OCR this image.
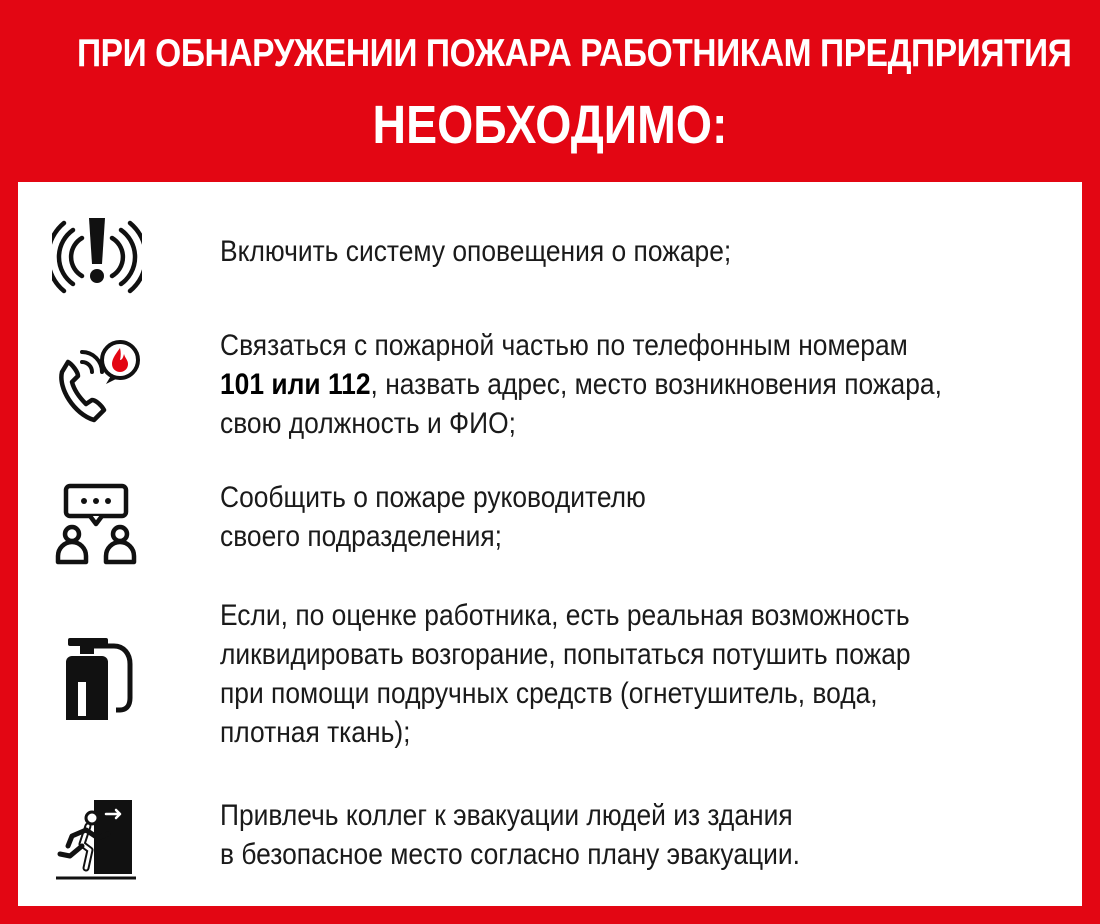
ПРИ ОБНАРУЖЕНИИ ПОЖАРА РАБОТНИКАМ ПРЕДПРИЯТИЯ
НЕОБХОДИМО:
Включить систему оповещения о пожаре;
Связаться с пожарной частью по телефонным номерам
101 или 112, назвать адрес, место возникновения пожара,
свою должность и ФИО;
Сообщить о пожаре руководителю
своего подразделения;
Если, по оценке работника, есть реальная возможность
ликвидировать возгорание, попытаться потушить пожар
при помощи подручных средств (огнетушитель, вода,
плотная ткань);
Привлечь коллег к эвакуации людей из здания
в безопасное место согласно плану эвакуации.
